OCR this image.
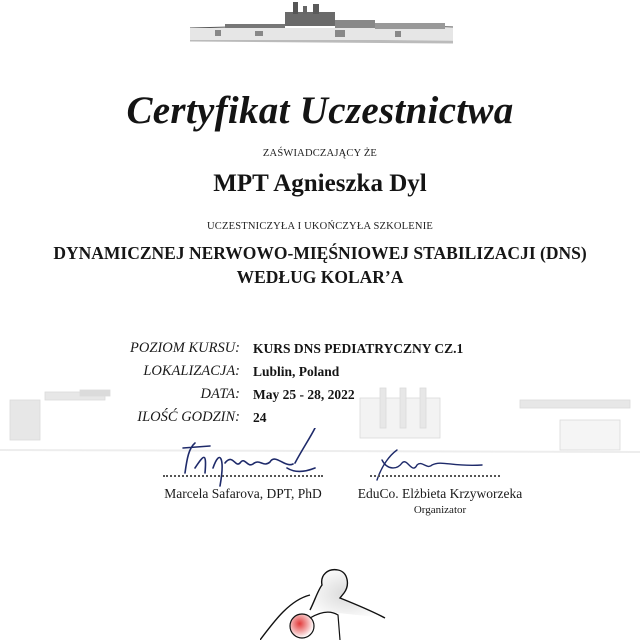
Certyfikat Uczestnictwa
ZAŚWIADCZAJĄCY ŻE
MPT Agnieszka Dyl
UCZESTNICZYŁA I UKOŃCZYŁA SZKOLENIE
DYNAMICZNEJ NERWOWO-MIĘŚNIOWEJ STABILIZACJI (DNS)
WEDŁUG KOLAR’A
POZIOM KURSU: KURS DNS PEDIATRYCZNY CZ.1
LOKALIZACJA: Lublin, Poland
DATA: May 25 - 28, 2022
ILOŚĆ GODZIN: 24
Marcela Safarova, DPT, PhD	EduCo. Elżbieta Krzyworzeka
Organizator
